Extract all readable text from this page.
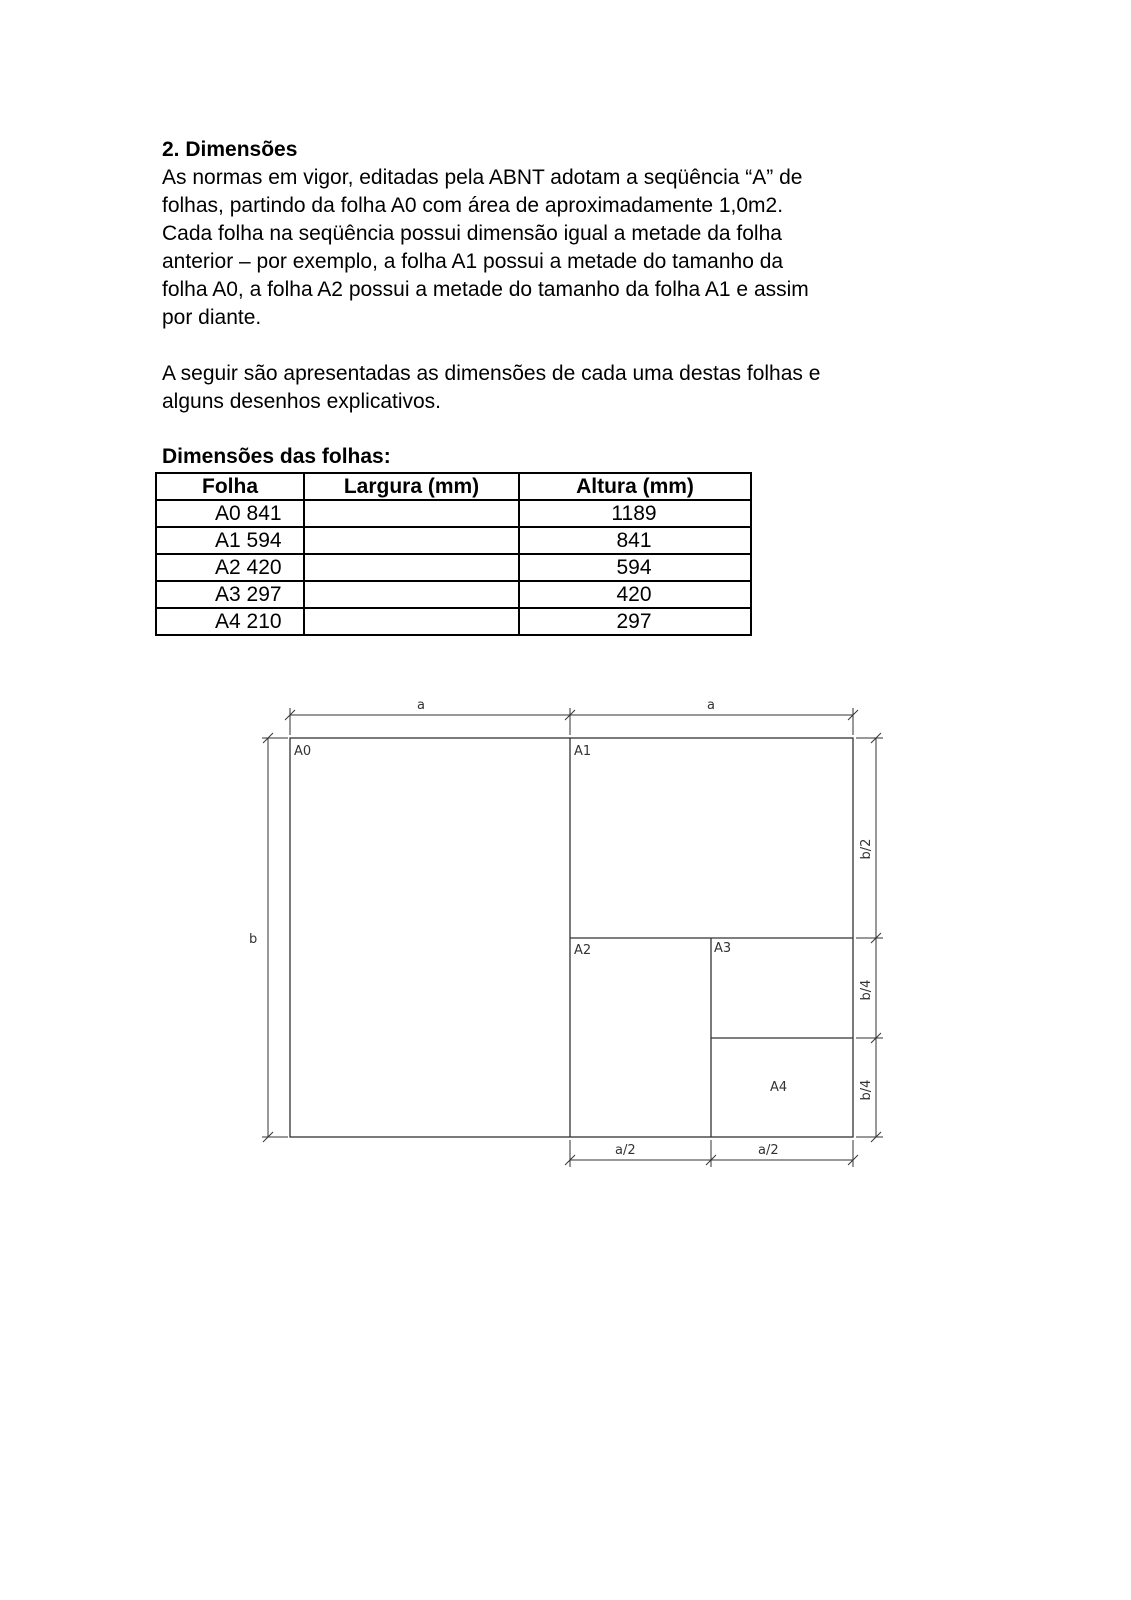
2. Dimensões
As normas em vigor, editadas pela ABNT adotam a seqüência “A” de
folhas, partindo da folha A0 com área de aproximadamente 1,0m2.
Cada folha na seqüência possui dimensão igual a metade da folha
anterior – por exemplo, a folha A1 possui a metade do tamanho da
folha A0, a folha A2 possui a metade do tamanho da folha A1 e assim
por diante.
A seguir são apresentadas as dimensões de cada uma destas folhas e
alguns desenhos explicativos.
Dimensões das folhas:
Folha	Largura (mm)	Altura (mm)
A0 841		1189
A1 594		841
A2 420		594
A3 297		420
A4 210		297
A0	A1
A2	A3
A4
a	a
b
a/2	a/2
b/2
b/4
b/4
